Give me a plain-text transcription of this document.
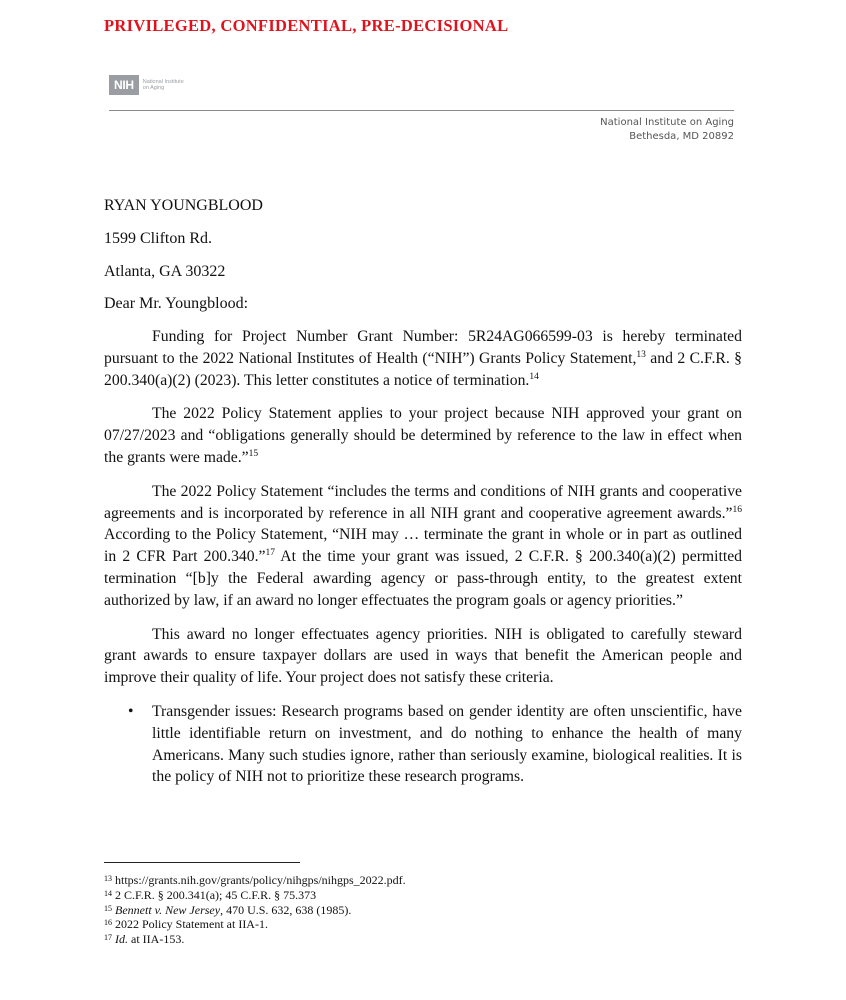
PRIVILEGED, CONFIDENTIAL, PRE-DECISIONAL
NIH	National Institute
on Aging
National Institute on Aging
Bethesda, MD 20892
RYAN YOUNGBLOOD
1599 Clifton Rd.
Atlanta, GA 30322
Dear Mr. Youngblood:

Funding for Project Number Grant Number: 5R24AG066599-03 is hereby terminated pursuant to the 2022 National Institutes of Health (“NIH”) Grants Policy Statement,$^{13}$ and 2 C.F.R. § 200.340(a)(2) (2023). This letter constitutes a notice of termination.$^{14}$

The 2022 Policy Statement applies to your project because NIH approved your grant on 07/27/2023 and “obligations generally should be determined by reference to the law in effect when the grants were made.”$^{15}$

The 2022 Policy Statement “includes the terms and conditions of NIH grants and cooperative agreements and is incorporated by reference in all NIH grant and cooperative agreement awards.”$^{16}$ According to the Policy Statement, “NIH may … terminate the grant in whole or in part as outlined in 2 CFR Part 200.340.”$^{17}$ At the time your grant was issued, 2 C.F.R. § 200.340(a)(2) permitted termination “[b]y the Federal awarding agency or pass-through entity, to the greatest extent authorized by law, if an award no longer effectuates the program goals or agency priorities.”

This award no longer effectuates agency priorities. NIH is obligated to carefully steward grant awards to ensure taxpayer dollars are used in ways that benefit the American people and improve their quality of life. Your project does not satisfy these criteria.

• Transgender issues: Research programs based on gender identity are often unscientific, have little identifiable return on investment, and do nothing to enhance the health of many Americans. Many such studies ignore, rather than seriously examine, biological realities. It is the policy of NIH not to prioritize these research programs.
$^{13}$ https://grants.nih.gov/grants/policy/nihgps/nihgps_2022.pdf.
$^{14}$ 2 C.F.R. § 200.341(a); 45 C.F.R. § 75.373
$^{15}$ Bennett v. New Jersey, 470 U.S. 632, 638 (1985).
$^{16}$ 2022 Policy Statement at IIA-1.
$^{17}$ Id. at IIA-153.
